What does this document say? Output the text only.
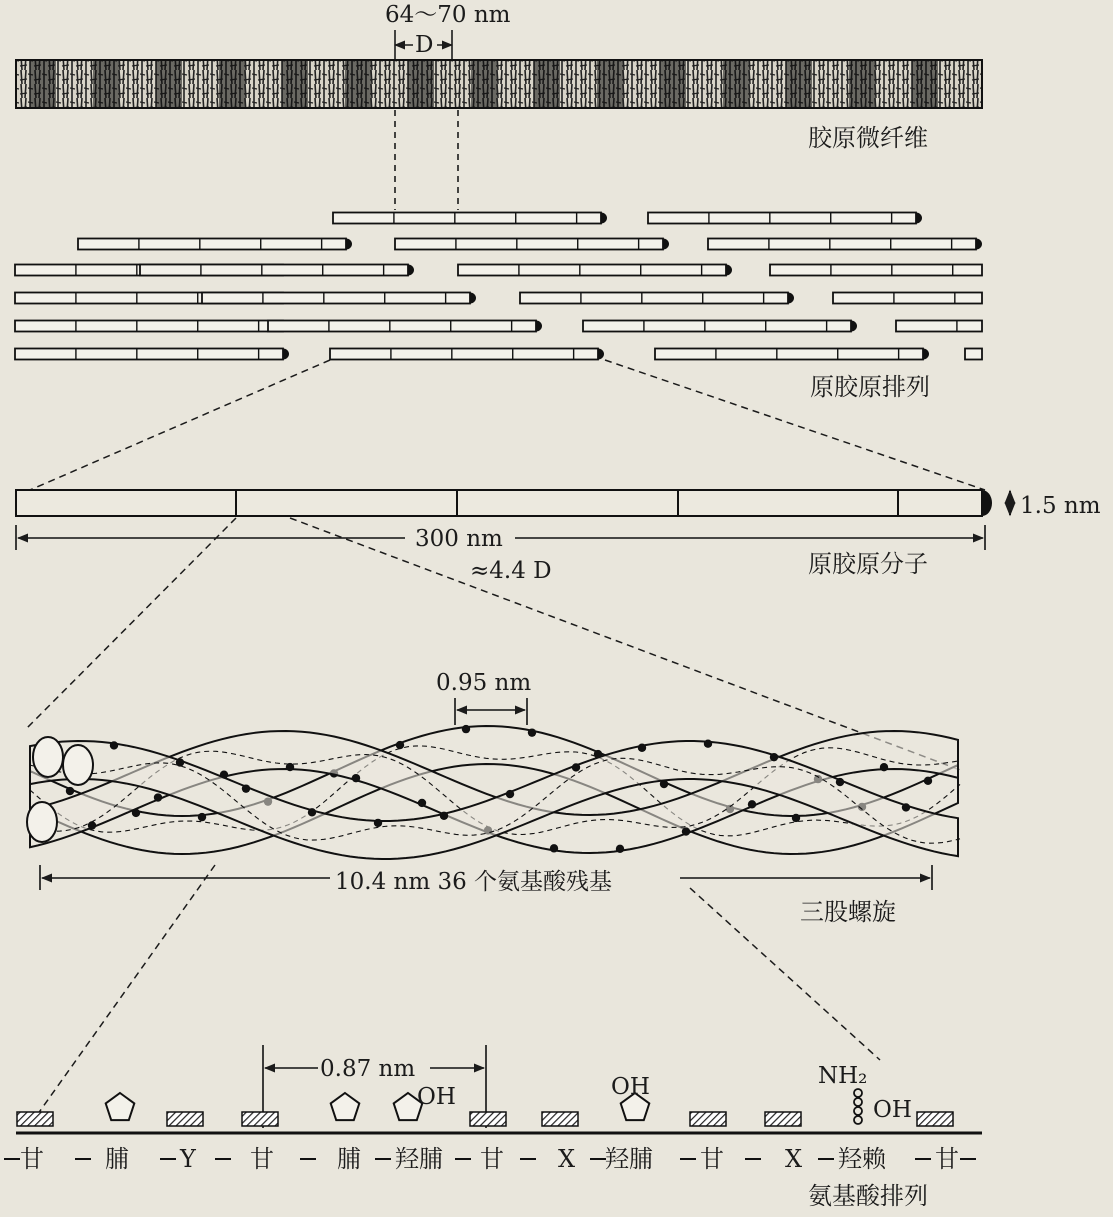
64～70 nm
D
胶原微纤维
原胶原排列
1.5 nm
300 nm
≈4.4 D	原胶原分子
0.95 nm
10.4 nm 36 个氨基酸残基
三股螺旋
0.87 nm
OH	OH	NH₂
OH
甘	脯 Y 甘	脯 羟脯 甘 X 羟脯 甘	X 羟赖 甘
氨基酸排列
